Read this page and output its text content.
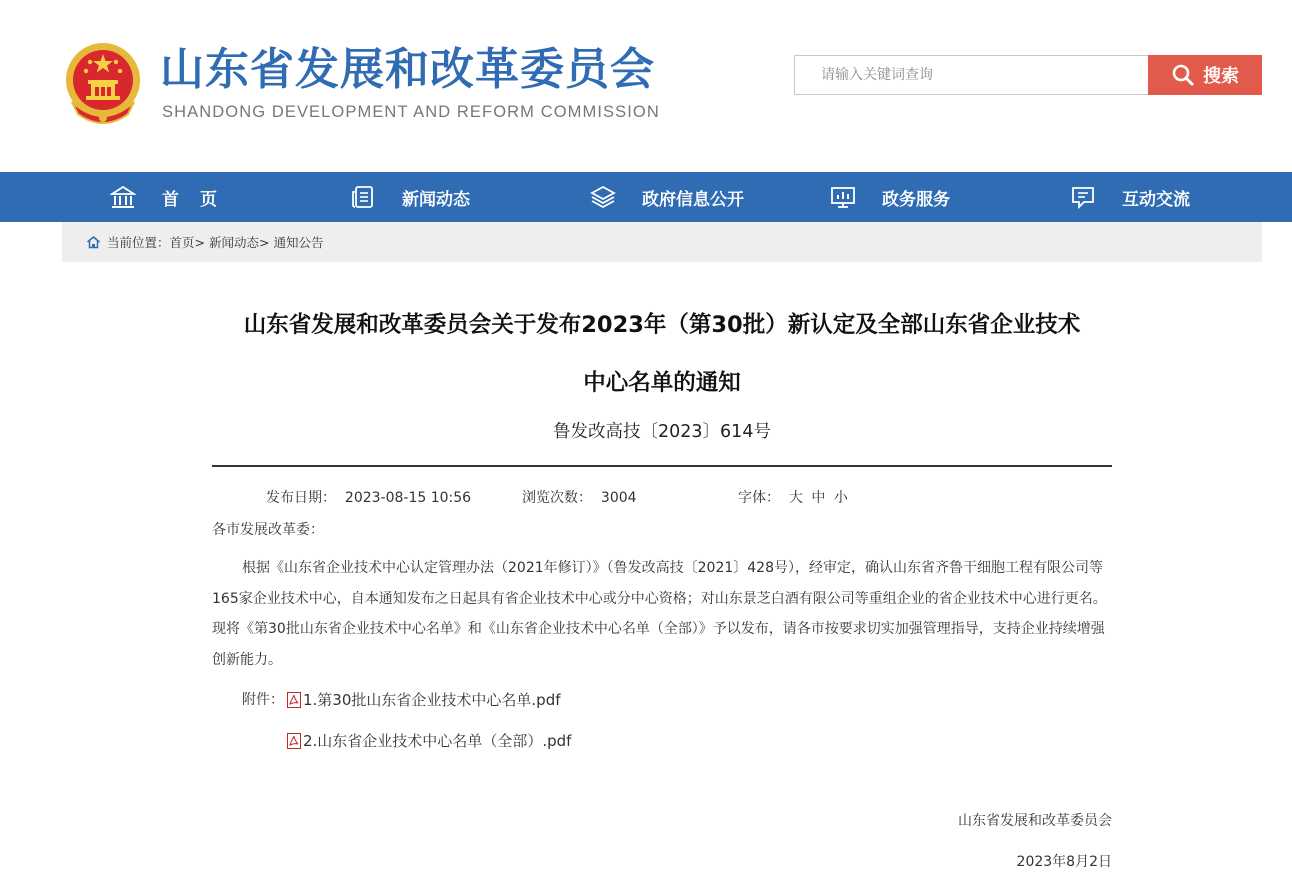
山东省发展和改革委员会
SHANDONG DEVELOPMENT AND REFORM COMMISSION
请输入关键词查询
搜索
首　页	新闻动态	政府信息公开	政务服务	互动交流
当前位置： 首页 >
新闻动态 >
通知公告
山东省发展和改革委员会关于发布2023年（第30批）新认定及全部山东省企业技术
中心名单的通知
鲁发改高技〔2023〕614号
发布日期： 2023-08-15 10:56	浏览次数： 3004	字体： 大 中 小
各市发展改革委：
根据《山东省企业技术中心认定管理办法（2021年修订）》（鲁发改高技〔2021〕428号），经审定，确认山东省齐鲁干细胞工程有限公司等165家企业技术中心，自本通知发布之日起具有省企业技术中心或分中心资格；对山东景芝白酒有限公司等重组企业的省企业技术中心进行更名。现将《第30批山东省企业技术中心名单》和《山东省企业技术中心名单（全部）》予以发布，请各市按要求切实加强管理指导，支持企业持续增强创新能力。
附件： 1.第30批山东省企业技术中心名单.pdf
2.山东省企业技术中心名单（全部）.pdf
山东省发展和改革委员会
2023年8月2日
